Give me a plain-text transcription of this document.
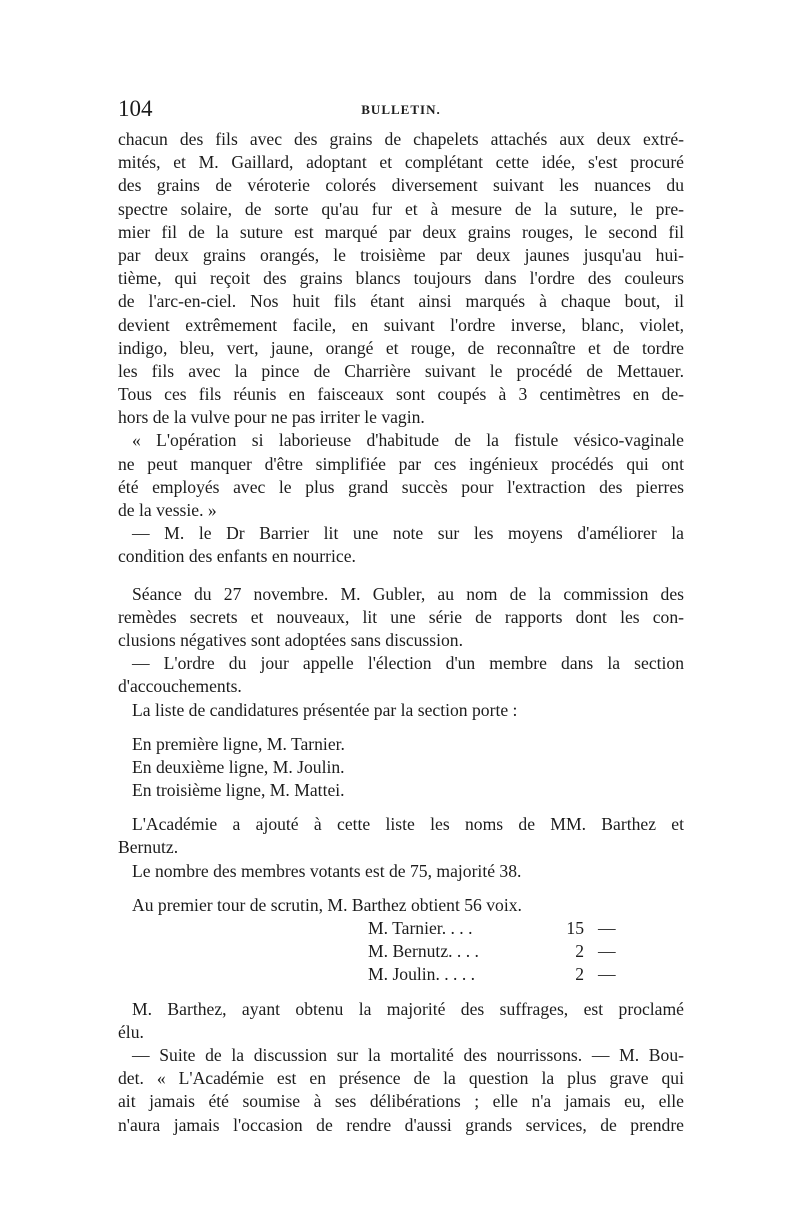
104	BULLETIN.
chacun des fils avec des grains de chapelets attachés aux deux extré-
mités, et M. Gaillard, adoptant et complétant cette idée, s'est procuré
des grains de véroterie colorés diversement suivant les nuances du
spectre solaire, de sorte qu'au fur et à mesure de la suture, le pre-
mier fil de la suture est marqué par deux grains rouges, le second fil
par deux grains orangés, le troisième par deux jaunes jusqu'au hui-
tième, qui reçoit des grains blancs toujours dans l'ordre des couleurs
de l'arc-en-ciel. Nos huit fils étant ainsi marqués à chaque bout, il
devient extrêmement facile, en suivant l'ordre inverse, blanc, violet,
indigo, bleu, vert, jaune, orangé et rouge, de reconnaître et de tordre
les fils avec la pince de Charrière suivant le procédé de Mettauer.
Tous ces fils réunis en faisceaux sont coupés à 3 centimètres en de-
hors de la vulve pour ne pas irriter le vagin.
« L'opération si laborieuse d'habitude de la fistule vésico-vaginale
ne peut manquer d'être simplifiée par ces ingénieux procédés qui ont
été employés avec le plus grand succès pour l'extraction des pierres
de la vessie. »
— M. le Dr Barrier lit une note sur les moyens d'améliorer la
condition des enfants en nourrice.
Séance du 27 novembre. M. Gubler, au nom de la commission des
remèdes secrets et nouveaux, lit une série de rapports dont les con-
clusions négatives sont adoptées sans discussion.
— L'ordre du jour appelle l'élection d'un membre dans la section
d'accouchements.
La liste de candidatures présentée par la section porte :
En première ligne, M. Tarnier.
En deuxième ligne, M. Joulin.
En troisième ligne, M. Mattei.
L'Académie a ajouté à cette liste les noms de MM. Barthez et
Bernutz.
Le nombre des membres votants est de 75, majorité 38.
Au premier tour de scrutin, M. Barthez obtient 56 voix.
M. Tarnier. . . .	15 —
M. Bernutz. . . .	2 —
M. Joulin. . . . .	2 —
M. Barthez, ayant obtenu la majorité des suffrages, est proclamé
élu.
— Suite de la discussion sur la mortalité des nourrissons. — M. Bou-
det. « L'Académie est en présence de la question la plus grave qui
ait jamais été soumise à ses délibérations ; elle n'a jamais eu, elle
n'aura jamais l'occasion de rendre d'aussi grands services, de prendre
